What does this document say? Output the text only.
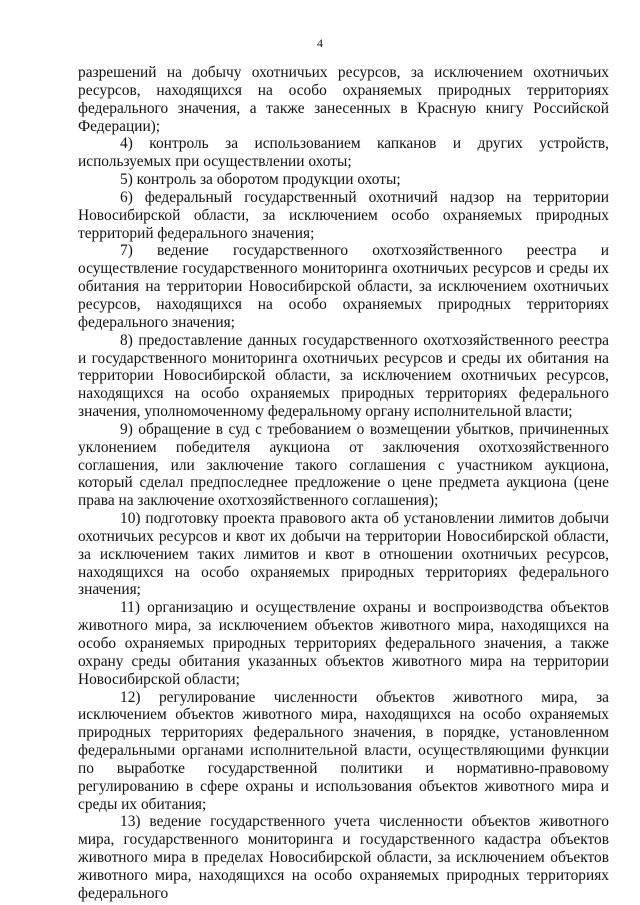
4

разрешений на добычу охотничьих ресурсов, за исключением охотничьих ресурсов, находящихся на особо охраняемых природных территориях федерального значения, а также занесенных в Красную книгу Российской Федерации);

4) контроль за использованием капканов и других устройств, используемых при осуществлении охоты;

5) контроль за оборотом продукции охоты;

6) федеральный государственный охотничий надзор на территории Новосибирской области, за исключением особо охраняемых природных территорий федерального значения;

7) ведение государственного охотхозяйственного реестра и осуществление государственного мониторинга охотничьих ресурсов и среды их обитания на территории Новосибирской области, за исключением охотничьих ресурсов, находящихся на особо охраняемых природных территориях федерального значения;

8) предоставление данных государственного охотхозяйственного реестра и государственного мониторинга охотничьих ресурсов и среды их обитания на территории Новосибирской области, за исключением охотничьих ресурсов, находящихся на особо охраняемых природных территориях федерального значения, уполномоченному федеральному органу исполнительной власти;

9) обращение в суд с требованием о возмещении убытков, причиненных уклонением победителя аукциона от заключения охотхозяйственного соглашения, или заключение такого соглашения с участником аукциона, который сделал предпоследнее предложение о цене предмета аукциона (цене права на заключение охотхозяйственного соглашения);

10) подготовку проекта правового акта об установлении лимитов добычи охотничьих ресурсов и квот их добычи на территории Новосибирской области, за исключением таких лимитов и квот в отношении охотничьих ресурсов, находящихся на особо охраняемых природных территориях федерального значения;

11) организацию и осуществление охраны и воспроизводства объектов животного мира, за исключением объектов животного мира, находящихся на особо охраняемых природных территориях федерального значения, а также охрану среды обитания указанных объектов животного мира на территории Новосибирской области;

12) регулирование численности объектов животного мира, за исключением объектов животного мира, находящихся на особо охраняемых природных территориях федерального значения, в порядке, установленном федеральными органами исполнительной власти, осуществляющими функции по выработке государственной политики и нормативно-правовому регулированию в сфере охраны и использования объектов животного мира и среды их обитания;

13) ведение государственного учета численности объектов животного мира, государственного мониторинга и государственного кадастра объектов животного мира в пределах Новосибирской области, за исключением объектов животного мира, находящихся на особо охраняемых природных территориях федерального
